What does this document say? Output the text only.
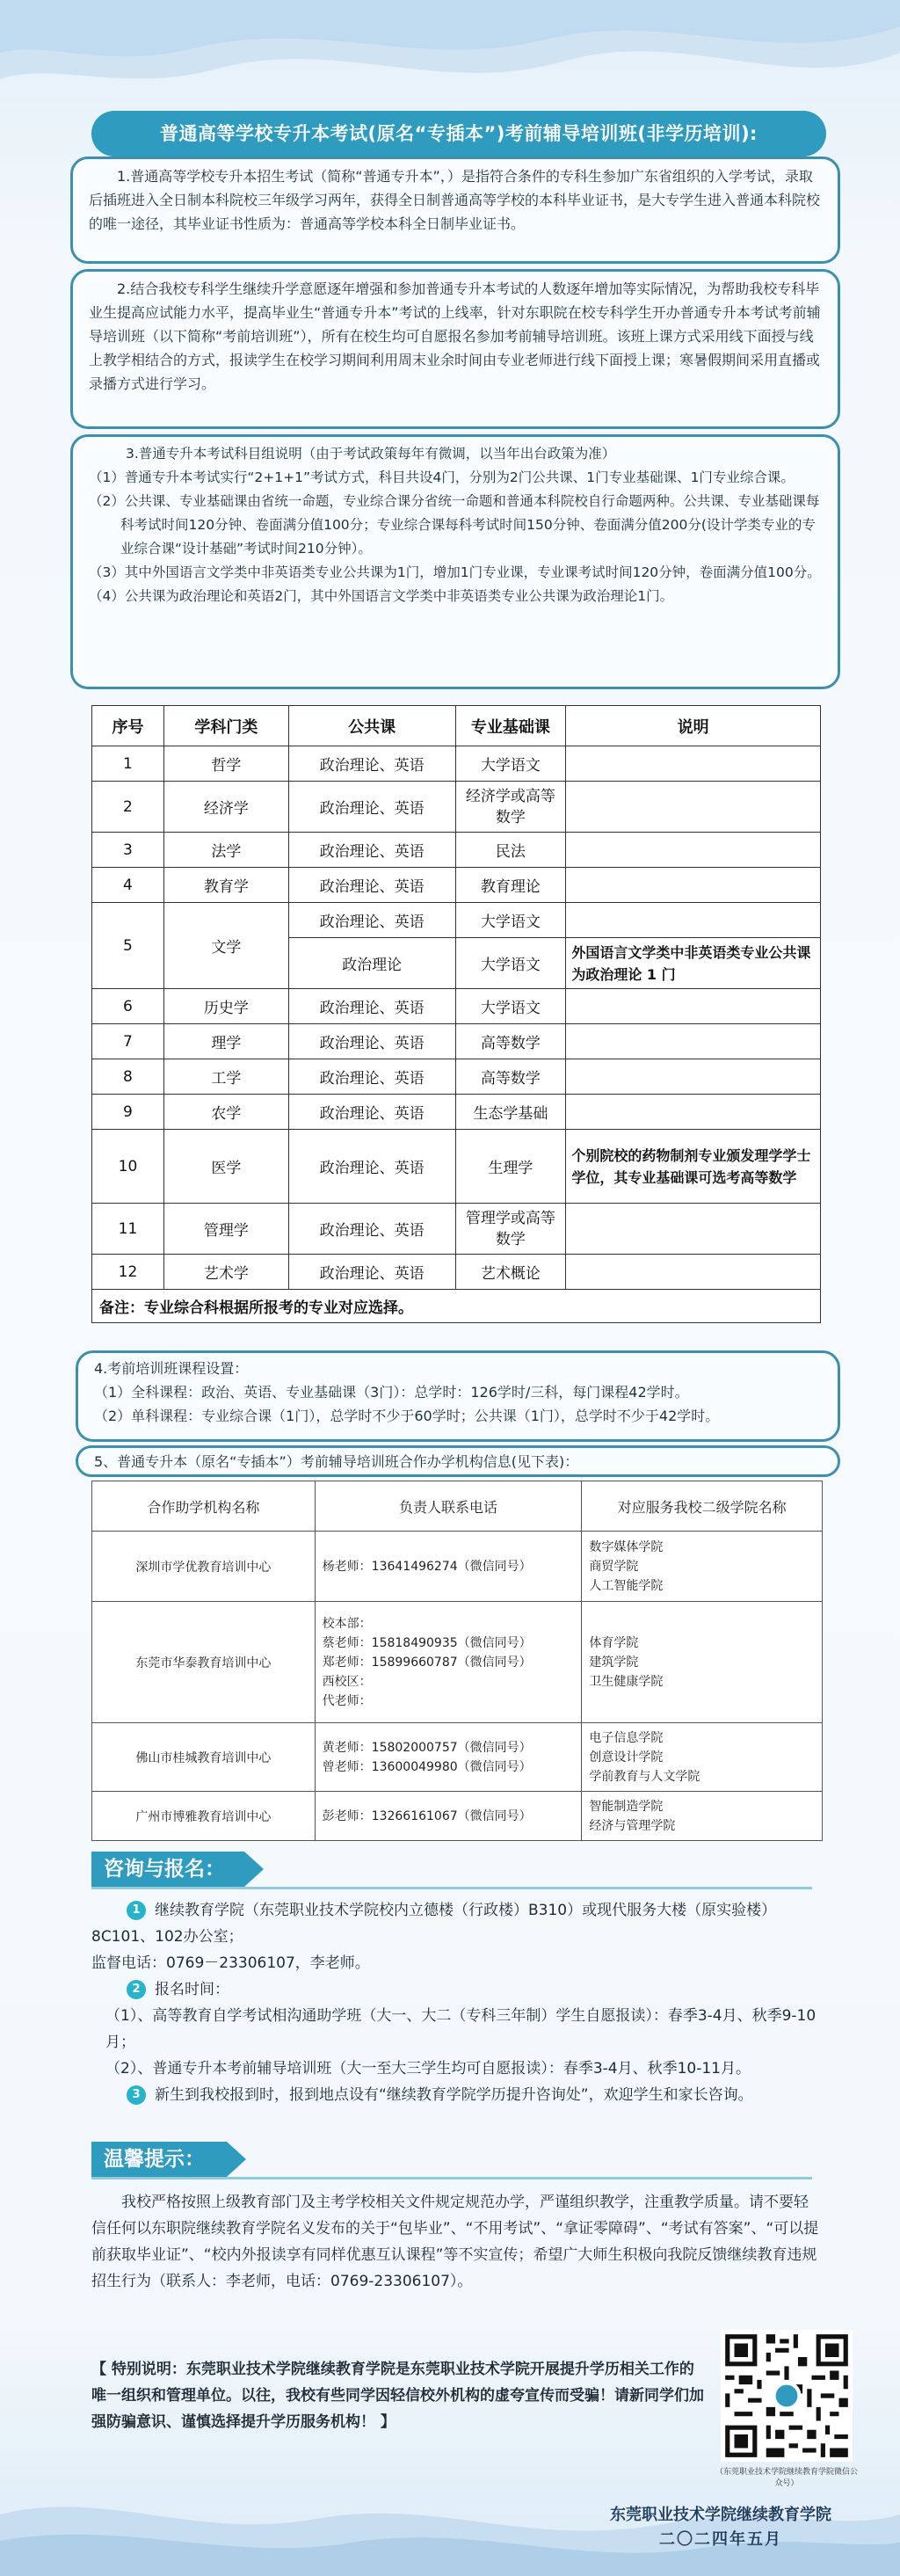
普通高等学校专升本考试(原名“专插本”)考前辅导培训班(非学历培训):

1.普通高等学校专升本招生考试（简称“普通专升本”，）是指符合条件的专科生参加广东省组织的入学考试，录取后插班进入全日制本科院校三年级学习两年，获得全日制普通高等学校的本科毕业证书，是大专学生进入普通本科院校的唯一途径，其毕业证书性质为：普通高等学校本科全日制毕业证书。

2.结合我校专科学生继续升学意愿逐年增强和参加普通专升本考试的人数逐年增加等实际情况，为帮助我校专科毕业生提高应试能力水平，提高毕业生“普通专升本”考试的上线率，针对东职院在校专科学生开办普通专升本考试考前辅导培训班（以下简称“考前培训班”），所有在校生均可自愿报名参加考前辅导培训班。该班上课方式采用线下面授与线上教学相结合的方式，报读学生在校学习期间利用周末业余时间由专业老师进行线下面授上课；寒暑假期间采用直播或录播方式进行学习。

3.普通专升本考试科目组说明（由于考试政策每年有微调，以当年出台政策为准）

（1）普通专升本考试实行“2+1+1”考试方式，科目共设4门，分别为2门公共课、1门专业基础课、1门专业综合课。

（2）公共课、专业基础课由省统一命题，专业综合课分省统一命题和普通本科院校自行命题两种。公共课、专业基础课每科考试时间120分钟、卷面满分值100分；专业综合课每科考试时间150分钟、卷面满分值200分(设计学类专业的专业综合课“设计基础”考试时间210分钟）。

（3）其中外国语言文学类中非英语类专业公共课为1门，增加1门专业课，专业课考试时间120分钟，卷面满分值100分。

（4）公共课为政治理论和英语2门，其中外国语言文学类中非英语类专业公共课为政治理论1门。

序号	学科门类	公共课	专业基础课	说明
1	哲学	政治理论、英语	大学语文	
2	经济学	政治理论、英语	经济学或高等数学	
3	法学	政治理论、英语	民法	
4	教育学	政治理论、英语	教育理论	
5	文学	政治理论、英语	大学语文	
		政治理论	大学语文	外国语言文学类中非英语类专业公共课为政治理论 1 门
6	历史学	政治理论、英语	大学语文	
7	理学	政治理论、英语	高等数学	
8	工学	政治理论、英语	高等数学	
9	农学	政治理论、英语	生态学基础	
10	医学	政治理论、英语	生理学	个别院校的药物制剂专业颁发理学学士学位，其专业基础课可选考高等数学
11	管理学	政治理论、英语	管理学或高等数学	
12	艺术学	政治理论、英语	艺术概论	
备注：专业综合科根据所报考的专业对应选择。				

4.考前培训班课程设置：

（1）全科课程：政治、英语、专业基础课（3门）：总学时：126学时/三科，每门课程42学时。

（2）单科课程：专业综合课（1门），总学时不少于60学时；公共课（1门），总学时不少于42学时。

5、普通专升本（原名“专插本”）考前辅导培训班合作办学机构信息(见下表)：

合作助学机构名称	负责人联系电话	对应服务我校二级学院名称
深圳市学优教育培训中心	杨老师：13641496274（微信同号）	数字媒体学院
商贸学院
人工智能学院

东莞市华泰教育培训中心	校本部：
蔡老师：15818490935（微信同号）
郑老师：15899660787（微信同号）
西校区：
代老师：	体育学院
建筑学院
卫生健康学院

佛山市桂城教育培训中心	黄老师：15802000757（微信同号）
曾老师：13600049980（微信同号）	电子信息学院
创意设计学院
学前教育与人文学院

广州市博雅教育培训中心	彭老师：13266161067（微信同号）	智能制造学院
经济与管理学院
咨询与报名：
1 继续教育学院（东莞职业技术学院校内立德楼（行政楼）B310）或现代服务大楼（原实验楼）8C101、102办公室；
监督电话：0769－23306107，李老师。
2 报名时间：
（1）、高等教育自学考试相沟通助学班（大一、大二（专科三年制）学生自愿报读）：春季3-4月、秋季9-10月；
（2）、普通专升本考前辅导培训班（大一至大三学生均可自愿报读）：春季3-4月、秋季10-11月。
3 新生到我校报到时，报到地点设有“继续教育学院学历提升咨询处”，欢迎学生和家长咨询。
温馨提示：
我校严格按照上级教育部门及主考学校相关文件规定规范办学，严谨组织教学，注重教学质量。请不要轻信任何以东职院继续教育学院名义发布的关于“包毕业”、“不用考试”、“拿证零障碍”、“考试有答案”、“可以提前获取毕业证”、“校内外报读享有同样优惠互认课程”等不实宣传；希望广大师生积极向我院反馈继续教育违规招生行为（联系人：李老师，电话：0769-23306107）。
【 特别说明：东莞职业技术学院继续教育学院是东莞职业技术学院开展提升学历相关工作的唯一组织和管理单位。以往，我校有些同学因轻信校外机构的虚夸宣传而受骗！请新同学们加强防骗意识、谨慎选择提升学历服务机构！ 】
（东莞职业技术学院继续教育学院微信公众号）
东莞职业技术学院继续教育学院
二〇二四年五月
